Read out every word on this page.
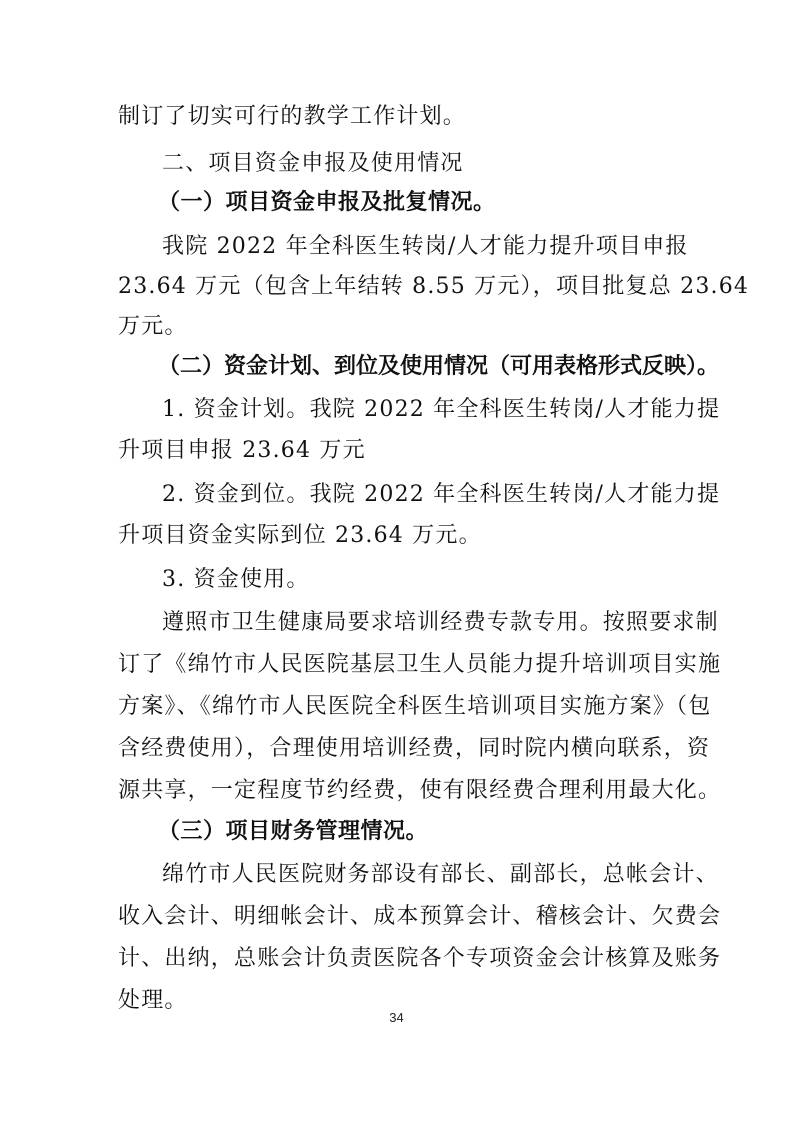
制订了切实可行的教学工作计划。
二、项目资金申报及使用情况
（一）项目资金申报及批复情况。
我院 2022 年全科医生转岗/人才能力提升项目申报
23.64 万元（包含上年结转 8.55 万元），项目批复总 23.64
万元。
（二）资金计划、到位及使用情况（可用表格形式反映）。
1. 资金计划。我院 2022 年全科医生转岗/人才能力提
升项目申报 23.64 万元
2. 资金到位。我院 2022 年全科医生转岗/人才能力提
升项目资金实际到位 23.64 万元。
3. 资金使用。
遵照市卫生健康局要求培训经费专款专用。按照要求制
订了《绵竹市人民医院基层卫生人员能力提升培训项目实施
方案》、《绵竹市人民医院全科医生培训项目实施方案》（包
含经费使用），合理使用培训经费，同时院内横向联系，资
源共享，一定程度节约经费，使有限经费合理利用最大化。
（三）项目财务管理情况。
绵竹市人民医院财务部设有部长、副部长，总帐会计、
收入会计、明细帐会计、成本预算会计、稽核会计、欠费会
计、出纳，总账会计负责医院各个专项资金会计核算及账务
处理。
34
